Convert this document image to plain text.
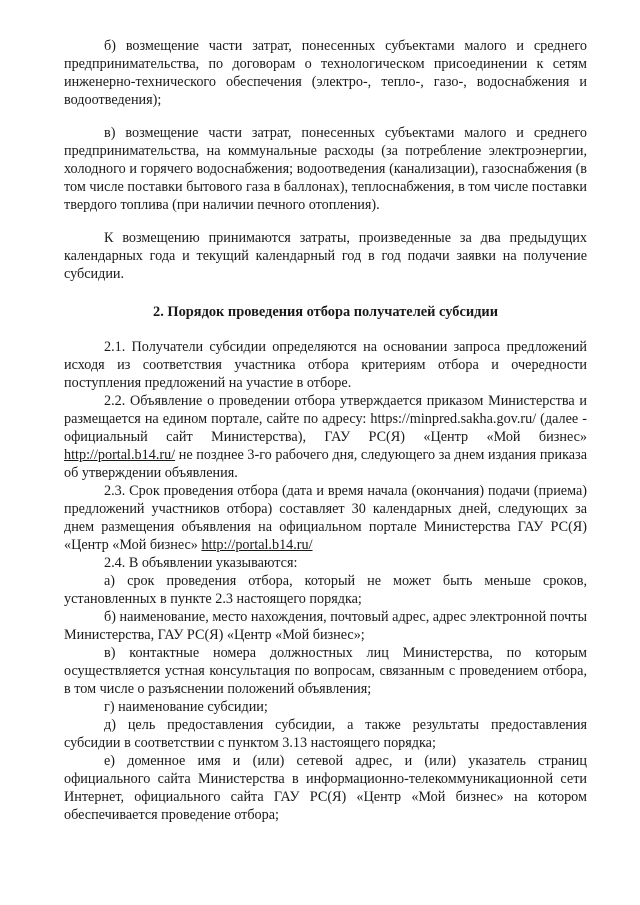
б) возмещение части затрат, понесенных субъектами малого и среднего предпринимательства, по договорам о технологическом присоединении к сетям инженерно-технического обеспечения (электро-, тепло-, газо-, водоснабжения и водоотведения);

в) возмещение части затрат, понесенных субъектами малого и среднего предпринимательства, на коммунальные расходы (за потребление электроэнергии, холодного и горячего водоснабжения; водоотведения (канализации), газоснабжения (в том числе поставки бытового газа в баллонах), теплоснабжения, в том числе поставки твердого топлива (при наличии печного отопления).

К возмещению принимаются затраты, произведенные за два предыдущих календарных года и текущий календарный год в год подачи заявки на получение субсидии.

2. Порядок проведения отбора получателей субсидии

2.1. Получатели субсидии определяются на основании запроса предложений исходя из соответствия участника отбора критериям отбора и очередности поступления предложений на участие в отборе.

2.2. Объявление о проведении отбора утверждается приказом Министерства и размещается на едином портале, сайте по адресу: https://minpred.sakha.gov.ru/ (далее - официальный сайт Министерства), ГАУ РС(Я) «Центр «Мой бизнес» http://portal.b14.ru/ не позднее 3-го рабочего дня, следующего за днем издания приказа об утверждении объявления.

2.3. Срок проведения отбора (дата и время начала (окончания) подачи (приема) предложений участников отбора) составляет 30 календарных дней, следующих за днем размещения объявления на официальном портале Министерства ГАУ РС(Я) «Центр «Мой бизнес» http://portal.b14.ru/

2.4. В объявлении указываются:

а) срок проведения отбора, который не может быть меньше сроков, установленных в пункте 2.3 настоящего порядка;

б) наименование, место нахождения, почтовый адрес, адрес электронной почты Министерства, ГАУ РС(Я) «Центр «Мой бизнес»;

в) контактные номера должностных лиц Министерства, по которым осуществляется устная консультация по вопросам, связанным с проведением отбора, в том числе о разъяснении положений объявления;

г) наименование субсидии;

д) цель предоставления субсидии, а также результаты предоставления субсидии в соответствии с пунктом 3.13 настоящего порядка;

е) доменное имя и (или) сетевой адрес, и (или) указатель страниц официального сайта Министерства в информационно-телекоммуникационной сети Интернет, официального сайта ГАУ РС(Я) «Центр «Мой бизнес» на котором обеспечивается проведение отбора;
